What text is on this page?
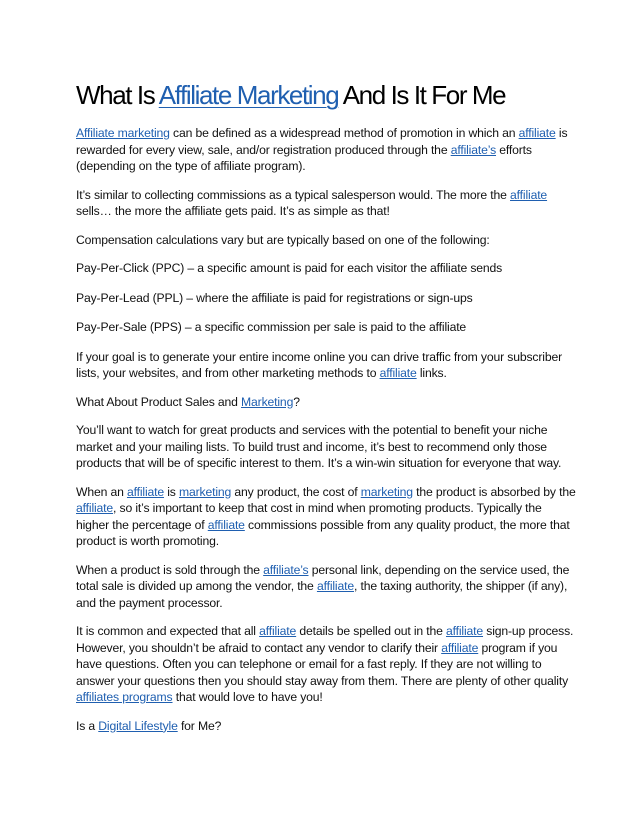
What Is Affiliate Marketing And Is It For Me

Affiliate marketing can be defined as a widespread method of promotion in which an affiliate is rewarded for every view, sale, and/or registration produced through the affiliate’s efforts (depending on the type of affiliate program).

It’s similar to collecting commissions as a typical salesperson would. The more the affiliate sells… the more the affiliate gets paid. It’s as simple as that!

Compensation calculations vary but are typically based on one of the following:

Pay-Per-Click (PPC) – a specific amount is paid for each visitor the affiliate sends

Pay-Per-Lead (PPL) – where the affiliate is paid for registrations or sign-ups

Pay-Per-Sale (PPS) – a specific commission per sale is paid to the affiliate

If your goal is to generate your entire income online you can drive traffic from your subscriber lists, your websites, and from other marketing methods to affiliate links.

What About Product Sales and Marketing?

You’ll want to watch for great products and services with the potential to benefit your niche market and your mailing lists. To build trust and income, it’s best to recommend only those products that will be of specific interest to them. It’s a win-win situation for everyone that way.

When an affiliate is marketing any product, the cost of marketing the product is absorbed by the affiliate, so it’s important to keep that cost in mind when promoting products. Typically the higher the percentage of affiliate commissions possible from any quality product, the more that product is worth promoting.

When a product is sold through the affiliate’s personal link, depending on the service used, the total sale is divided up among the vendor, the affiliate, the taxing authority, the shipper (if any), and the payment processor.

It is common and expected that all affiliate details be spelled out in the affiliate sign-up process. However, you shouldn’t be afraid to contact any vendor to clarify their affiliate program if you have questions. Often you can telephone or email for a fast reply. If they are not willing to answer your questions then you should stay away from them. There are plenty of other quality affiliates programs that would love to have you!

Is a Digital Lifestyle for Me?
